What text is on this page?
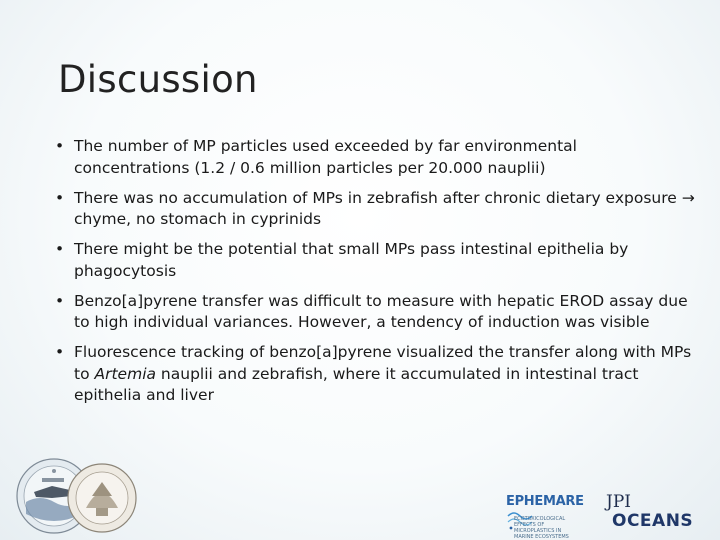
Discussion
• The number of MP particles used exceeded by far environmental concentrations (1.2 / 0.6 million particles per 20.000 nauplii)
• There was no accumulation of MPs in zebrafish after chronic dietary exposure → chyme, no stomach in cyprinids
• There might be the potential that small MPs pass intestinal epithelia by phagocytosis
• Benzo[a]pyrene transfer was difficult to measure with hepatic EROD assay due to high individual variances. However, a tendency of induction was visible
• Fluorescence tracking of benzo[a]pyrene visualized the transfer along with MPs to Artemia nauplii and zebrafish, where it accumulated in intestinal tract epithelia and liver
EPHEMARE
ECOTOXICOLOGICAL EFFECTS OF
MICROPLASTICS IN MARINE ECOSYSTEMS
JPI
OCEANS
